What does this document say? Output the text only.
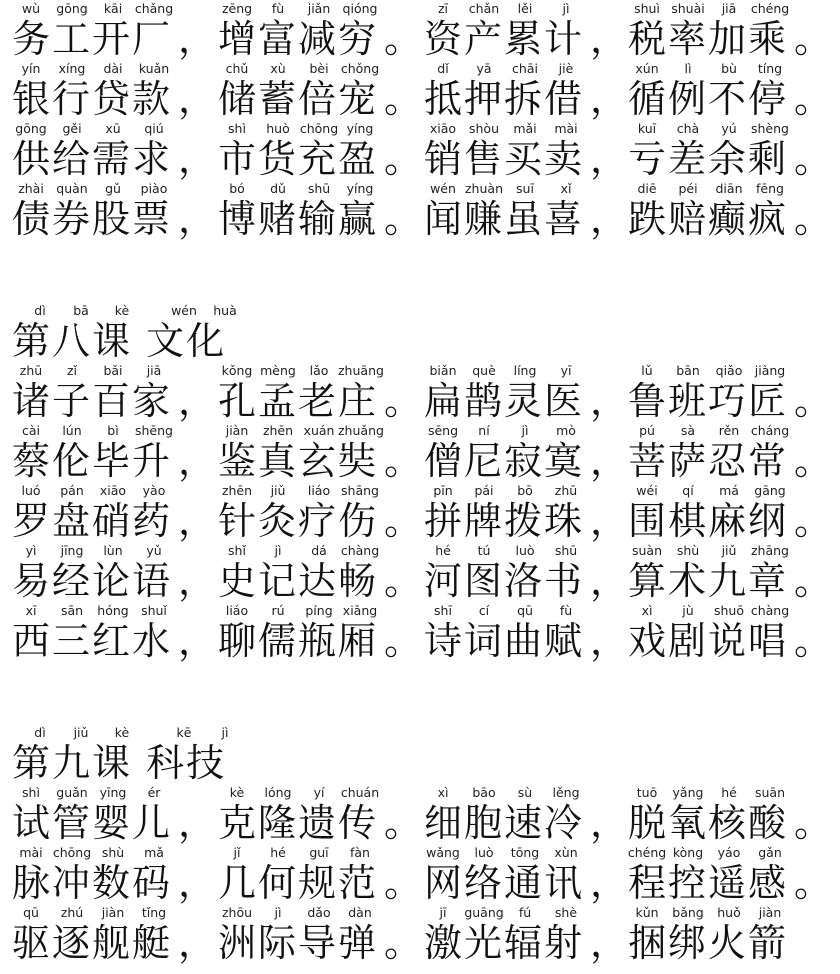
wù	gōng	kāi	chǎng
务工开厂 ，
zēng	fù	jiǎn qióng
增富减穷 。
zī	chǎn	lěi	jì
资产累计 ，
shuì shuài	jiā	chéng
税率加乘 。
yín	xíng	dài	kuǎn
银行贷款 ，
chǔ	xù	bèi chǒng
储蓄倍宠 。
dǐ	yā	chāi	jiè
抵押拆借 ，
xún	lì	bù	tíng
循例不停 。
gōng	gěi	xū	qiú
供给需求 ，
shì	huò chōng yíng
市货充盈 。
xiāo	shòu	mǎi	mài
销售买卖 ，
kuī	chà	yú	shèng
亏差余剩 。
zhài quàn	gǔ	piào
债券股票 ，
bó	dǔ	shū	yíng
博赌输赢 。
wén zhuàn	suī	xǐ
闻赚虽喜 ，
diē	péi	diān	fēng
跌赔癫疯 。
dì	bā	kè	wén	huà
第八课 文化
zhū	zǐ	bǎi	jiā
诸子百家 ，
kǒng mèng	lǎo zhuāng
孔孟老庄 。
biǎn	què	líng	yī
扁鹊灵医 ，
lǔ	bān	qiǎo jiàng
鲁班巧匠 。
cài	lún	bì	shēng
蔡伦毕升 ，
jiàn	zhēn xuán zhuǎng
鉴真玄奘 。
sēng	ní	jì	mò
僧尼寂寞 ，
pú	sà	rěn cháng
菩萨忍常 。
luó	pán	xiāo	yào
罗盘硝药 ，
zhēn	jiǔ	liáo shāng
针灸疗伤 。
pīn	pái	bō	zhū
拼牌拨珠 ，
wéi	qí	má	gāng
围棋麻纲 。
yì	jīng	lùn	yǔ
易经论语 ，
shǐ	jì	dá	chàng
史记达畅 。
hé	tú	luò	shū
河图洛书 ，
suàn	shù	jiǔ	zhāng
算术九章 。
xī	sān	hóng shuǐ
西三红水 ，
liáo	rú	píng xiāng
聊儒瓶厢 。
shī	cí	qū	fù
诗词曲赋 ，
xì	jù	shuō chàng
戏剧说唱 。
dì	jiǔ	kè	kē	jì
第九课 科技
shì	guǎn yīng	ér
试管婴儿 ，
kè	lóng	yí	chuán
克隆遗传 。
xì	bāo	sù	lěng
细胞速冷 ，
tuō	yǎng	hé	suān
脱氧核酸 。
mài chōng shù	mǎ
脉冲数码 ，
jǐ	hé	guī	fàn
几何规范 。
wǎng	luò	tōng	xùn
网络通讯 ，
chéng kòng	yáo	gǎn
程控遥感 。
qū	zhú	jiàn	tǐng
驱逐舰艇 ，
zhōu	jì	dǎo	dàn
洲际导弹 。
jī	guāng	fú	shè
激光辐射 ，
kǔn	bǎng	huǒ	jiàn
捆绑火箭
